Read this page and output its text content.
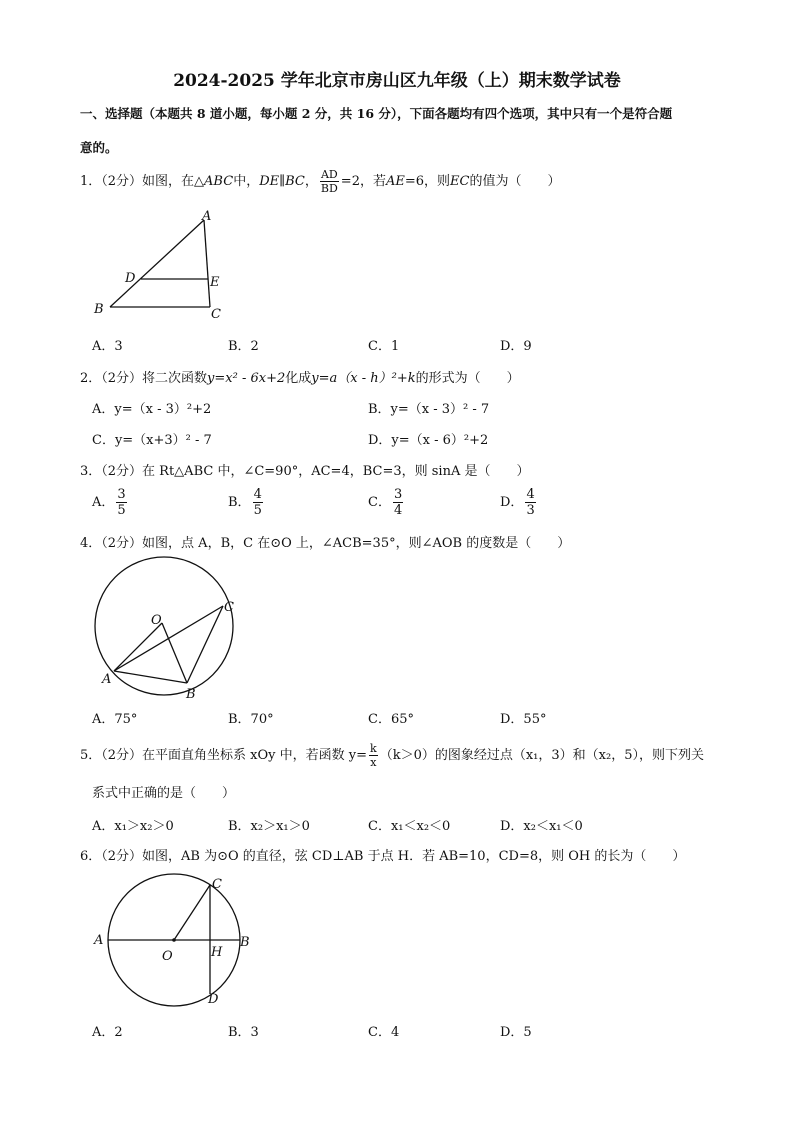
2024-2025 学年北京市房山区九年级（上）期末数学试卷
一、选择题（本题共 8 道小题，每小题 2 分，共 16 分），下面各题均有四个选项，其中只有一个是符合题
意的。
1．（2分）如图，在△ABC中，DE∥BC， $\frac{AD}{BD} =2$，若AE=6，则EC的值为（　　）
A
D	E
B	C
A．3	B．2	C．1	D．9
2．（2分）将二次函数y=x² - 6x+2化成y=a（x - h）²+k的形式为（　　）
A．y=（x - 3）²+2	B．y=（x - 3）² - 7
C．y=（x+3）² - 7	D．y=（x - 6）²+2
3．（2分）在 Rt△ABC 中，∠C=90°，AC=4，BC=3，则 sinA 是（　　）
A． $\frac{3}{5}$	B． $\frac{4}{5}$	C． $\frac{3}{4}$	D． $\frac{4}{3}$
4．（2分）如图，点 A，B，C 在⊙O 上，∠ACB=35°，则∠AOB 的度数是（　　）
O
A
B
C
A．75°	B．70°	C．65°	D．55°
5．（2分）在平面直角坐标系 xOy 中，若函数 $y= \frac{k}{x} (k>0)$的图象经过点（x₁，3）和（x₂，5），则下列关
系式中正确的是（　　）
A．x₁＞x₂＞0	B．x₂＞x₁＞0	C．x₁＜x₂＜0	D．x₂＜x₁＜0
6．（2分）如图，AB 为⊙O 的直径，弦 CD⊥AB 于点 H．若 AB=10，CD=8，则 OH 的长为（　　）
A	B
C
D
O	H
A．2	B．3	C．4	D．5
